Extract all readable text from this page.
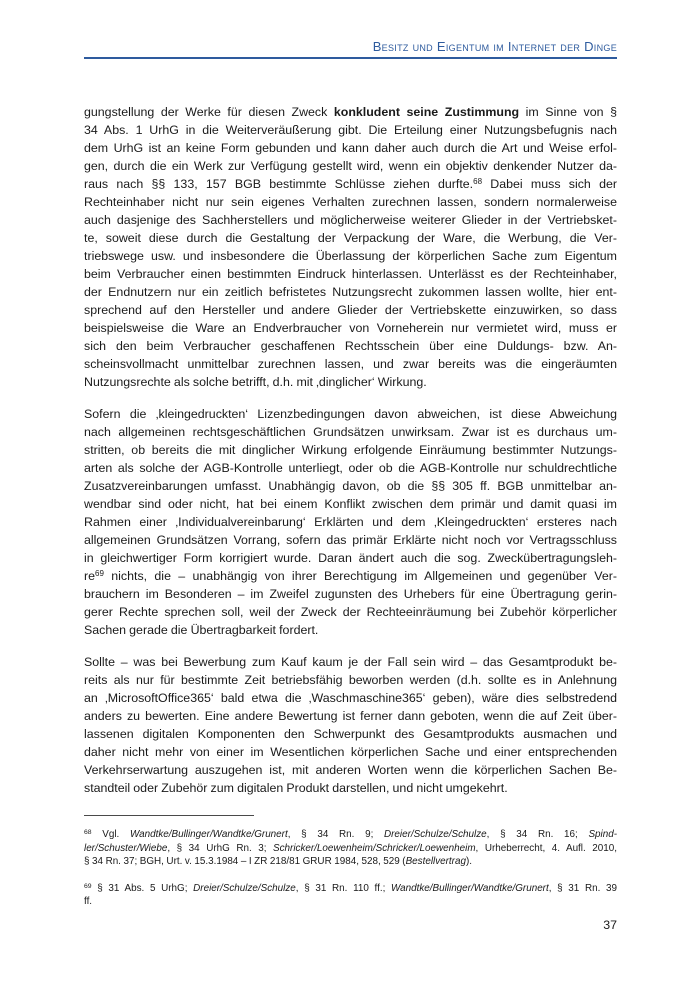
Besitz und Eigentum im Internet der Dinge
gungstellung der Werke für diesen Zweck konkludent seine Zustimmung im Sinne von §
34 Abs. 1 UrhG in die Weiterveräußerung gibt. Die Erteilung einer Nutzungsbefugnis nach
dem UrhG ist an keine Form gebunden und kann daher auch durch die Art und Weise erfol-
gen, durch die ein Werk zur Verfügung gestellt wird, wenn ein objektiv denkender Nutzer da-
raus nach §§ 133, 157 BGB bestimmte Schlüsse ziehen durfte.$^{68}$ Dabei muss sich der
Rechteinhaber nicht nur sein eigenes Verhalten zurechnen lassen, sondern normalerweise
auch dasjenige des Sachherstellers und möglicherweise weiterer Glieder in der Vertriebsket-
te, soweit diese durch die Gestaltung der Verpackung der Ware, die Werbung, die Ver-
triebswege usw. und insbesondere die Überlassung der körperlichen Sache zum Eigentum
beim Verbraucher einen bestimmten Eindruck hinterlassen. Unterlässt es der Rechteinhaber,
der Endnutzern nur ein zeitlich befristetes Nutzungsrecht zukommen lassen wollte, hier ent-
sprechend auf den Hersteller und andere Glieder der Vertriebskette einzuwirken, so dass
beispielsweise die Ware an Endverbraucher von Vorneherein nur vermietet wird, muss er
sich den beim Verbraucher geschaffenen Rechtsschein über eine Duldungs- bzw. An-
scheinsvollmacht unmittelbar zurechnen lassen, und zwar bereits was die eingeräumten
Nutzungsrechte als solche betrifft, d.h. mit ‚dinglicher‘ Wirkung.
Sofern die ‚kleingedruckten‘ Lizenzbedingungen davon abweichen, ist diese Abweichung
nach allgemeinen rechtsgeschäftlichen Grundsätzen unwirksam. Zwar ist es durchaus um-
stritten, ob bereits die mit dinglicher Wirkung erfolgende Einräumung bestimmter Nutzungs-
arten als solche der AGB-Kontrolle unterliegt, oder ob die AGB-Kontrolle nur schuldrechtliche
Zusatzvereinbarungen umfasst. Unabhängig davon, ob die §§ 305 ff. BGB unmittelbar an-
wendbar sind oder nicht, hat bei einem Konflikt zwischen dem primär und damit quasi im
Rahmen einer ‚Individualvereinbarung‘ Erklärten und dem ‚Kleingedruckten‘ ersteres nach
allgemeinen Grundsätzen Vorrang, sofern das primär Erklärte nicht noch vor Vertragsschluss
in gleichwertiger Form korrigiert wurde. Daran ändert auch die sog. Zweckübertragungsleh-
$re^{69}$ nichts, die – unabhängig von ihrer Berechtigung im Allgemeinen und gegenüber Ver-
brauchern im Besonderen – im Zweifel zugunsten des Urhebers für eine Übertragung gerin-
gerer Rechte sprechen soll, weil der Zweck der Rechteeinräumung bei Zubehör körperlicher
Sachen gerade die Übertragbarkeit fordert.
Sollte – was bei Bewerbung zum Kauf kaum je der Fall sein wird – das Gesamtprodukt be-
reits als nur für bestimmte Zeit betriebsfähig beworben werden (d.h. sollte es in Anlehnung
an ‚MicrosoftOffice365‘ bald etwa die ‚Waschmaschine365‘ geben), wäre dies selbstredend
anders zu bewerten. Eine andere Bewertung ist ferner dann geboten, wenn die auf Zeit über-
lassenen digitalen Komponenten den Schwerpunkt des Gesamtprodukts ausmachen und
daher nicht mehr von einer im Wesentlichen körperlichen Sache und einer entsprechenden
Verkehrserwartung auszugehen ist, mit anderen Worten wenn die körperlichen Sachen Be-
standteil oder Zubehör zum digitalen Produkt darstellen, und nicht umgekehrt.
$^{68}$ Vgl. Wandtke/Bullinger/Wandtke/Grunert, § 34 Rn. 9; Dreier/Schulze/Schulze, § 34 Rn. 16; Spind-
ler/Schuster/Wiebe, § 34 UrhG Rn. 3; Schricker/Loewenheim/Schricker/Loewenheim, Urheberrecht, 4. Aufl. 2010,
§ 34 Rn. 37; BGH, Urt. v. 15.3.1984 – I ZR 218/81 GRUR 1984, 528, 529 (Bestellvertrag).
$^{69}$ § 31 Abs. 5 UrhG; Dreier/Schulze/Schulze, § 31 Rn. 110 ff.; Wandtke/Bullinger/Wandtke/Grunert, § 31 Rn. 39
ff.
37
